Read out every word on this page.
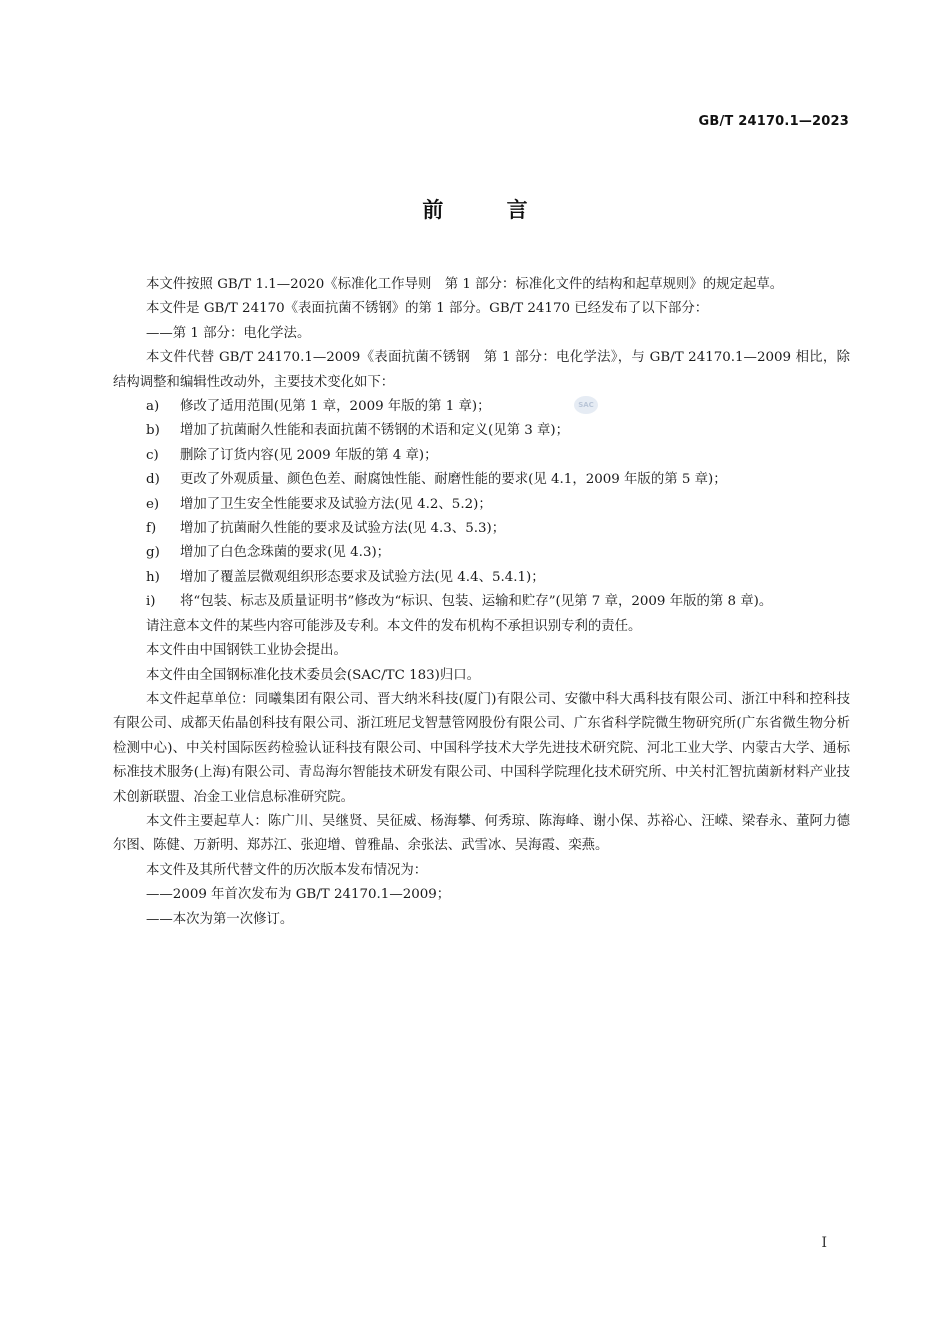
GB/T 24170.1—2023
前 言
SAC

本文件按照 GB/T 1.1—2020《标准化工作导则　第 1 部分：标准化文件的结构和起草规则》的规定起草。

本文件是 GB/T 24170《表面抗菌不锈钢》的第 1 部分。GB/T 24170 已经发布了以下部分：

——第 1 部分：电化学法。

本文件代替 GB/T 24170.1—2009《表面抗菌不锈钢　第 1 部分：电化学法》，与 GB/T 24170.1—2009 相比，除结构调整和编辑性改动外，主要技术变化如下：

a)	修改了适用范围(见第 1 章，2009 年版的第 1 章)；
b)	增加了抗菌耐久性能和表面抗菌不锈钢的术语和定义(见第 3 章)；
c)	删除了订货内容(见 2009 年版的第 4 章)；
d)	更改了外观质量、颜色色差、耐腐蚀性能、耐磨性能的要求(见 4.1，2009 年版的第 5 章)；
e)	增加了卫生安全性能要求及试验方法(见 4.2、5.2)；
f)	增加了抗菌耐久性能的要求及试验方法(见 4.3、5.3)；
g)	增加了白色念珠菌的要求(见 4.3)；
h)	增加了覆盖层微观组织形态要求及试验方法(见 4.4、5.4.1)；
i)	将“包装、标志及质量证明书”修改为“标识、包装、运输和贮存”(见第 7 章，2009 年版的第 8 章)。

请注意本文件的某些内容可能涉及专利。本文件的发布机构不承担识别专利的责任。

本文件由中国钢铁工业协会提出。

本文件由全国钢标准化技术委员会(SAC/TC 183)归口。

本文件起草单位：同曦集团有限公司、晋大纳米科技(厦门)有限公司、安徽中科大禹科技有限公司、浙江中科和控科技有限公司、成都天佑晶创科技有限公司、浙江班尼戈智慧管网股份有限公司、广东省科学院微生物研究所(广东省微生物分析检测中心)、中关村国际医药检验认证科技有限公司、中国科学技术大学先进技术研究院、河北工业大学、内蒙古大学、通标标准技术服务(上海)有限公司、青岛海尔智能技术研发有限公司、中国科学院理化技术研究所、中关村汇智抗菌新材料产业技术创新联盟、冶金工业信息标准研究院。

本文件主要起草人：陈广川、吴继贤、吴征威、杨海攀、何秀琼、陈海峰、谢小保、苏裕心、汪嵘、梁春永、董阿力德尔图、陈健、万新明、郑苏江、张迎增、曾雅晶、余张法、武雪冰、吴海霞、栾燕。

本文件及其所代替文件的历次版本发布情况为：

——2009 年首次发布为 GB/T 24170.1—2009；

——本次为第一次修订。

I
